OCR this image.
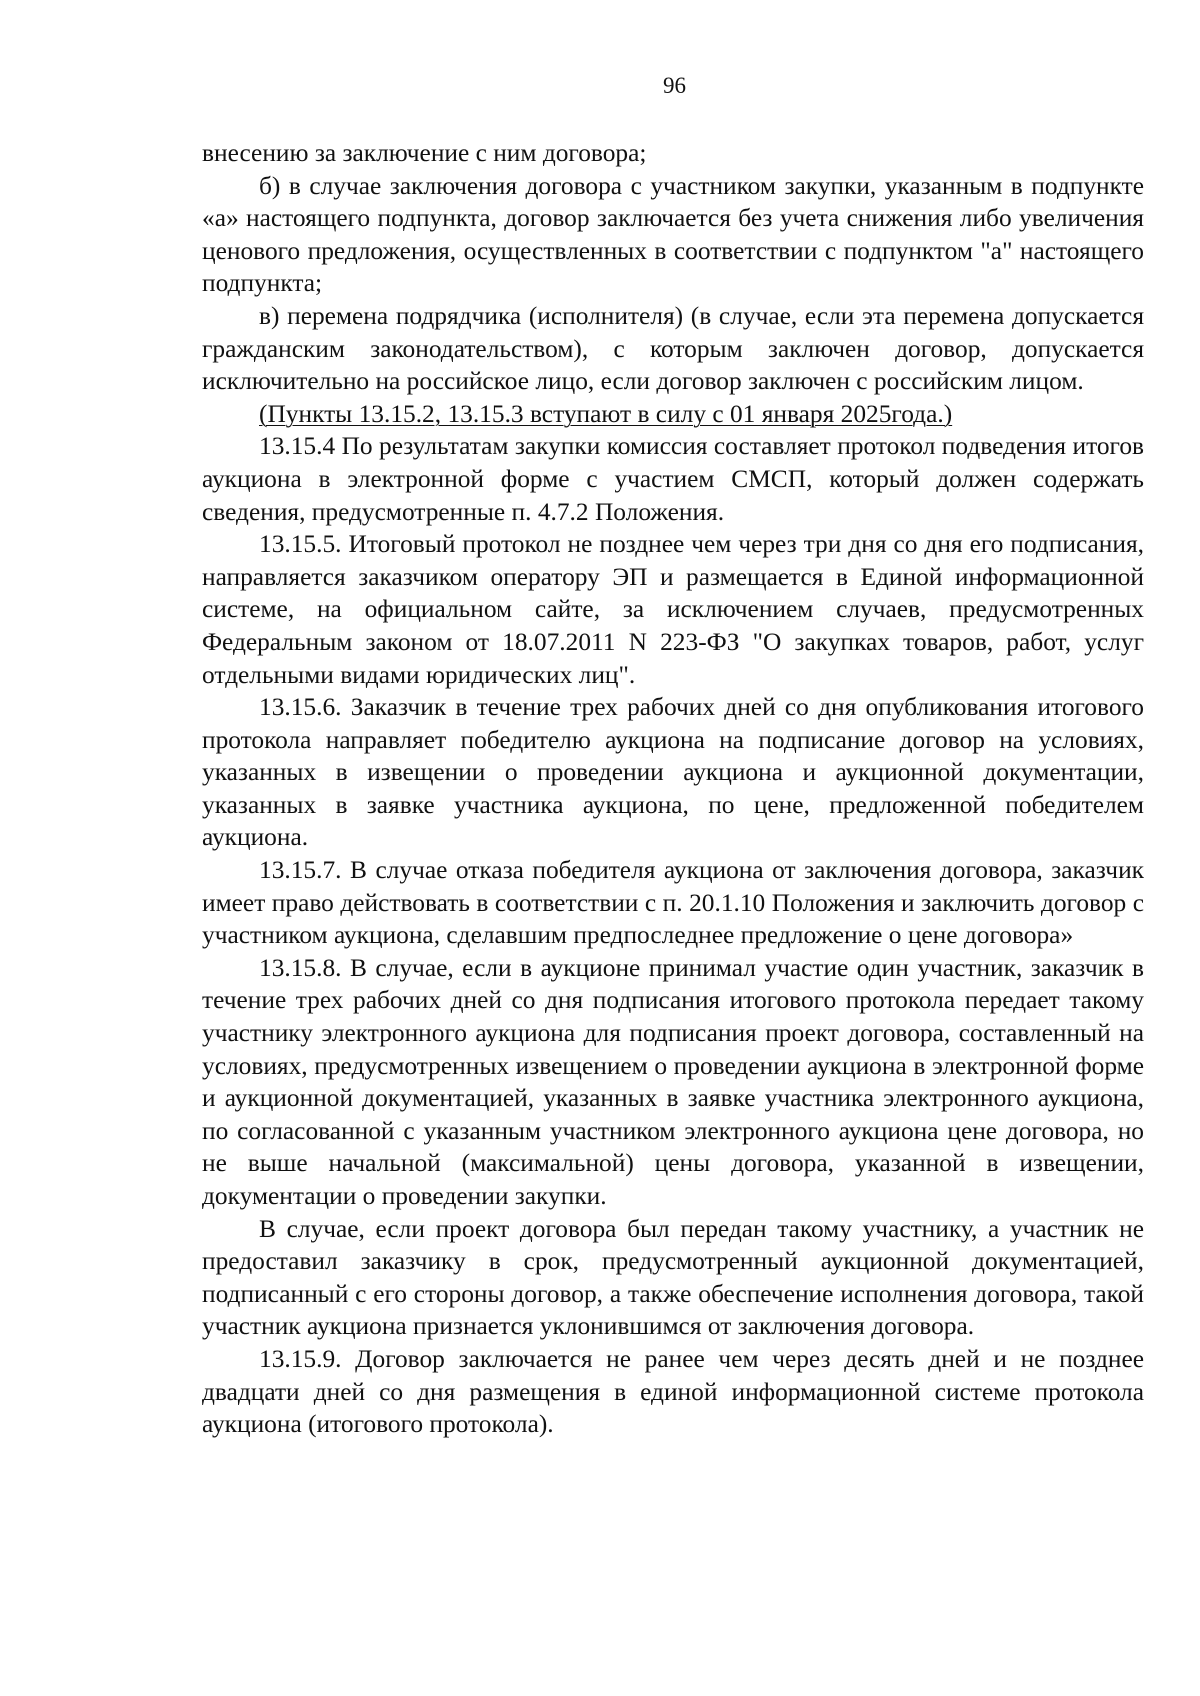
96

внесению за заключение с ним договора;

б) в случае заключения договора с участником закупки, указанным в подпункте «а» настоящего подпункта, договор заключается без учета снижения либо увеличения ценового предложения, осуществленных в соответствии с подпунктом "а" настоящего подпункта;

в) перемена подрядчика (исполнителя) (в случае, если эта перемена допускается гражданским законодательством), с которым заключен договор, допускается исключительно на российское лицо, если договор заключен с российским лицом.

(Пункты 13.15.2, 13.15.3 вступают в силу с 01 января 2025года.)

13.15.4 По результатам закупки комиссия составляет протокол подведения итогов аукциона в электронной форме с участием СМСП, который должен содержать сведения, предусмотренные п. 4.7.2 Положения.

13.15.5. Итоговый протокол не позднее чем через три дня со дня его подписания, направляется заказчиком оператору ЭП и размещается в Единой информационной системе, на официальном сайте, за исключением случаев, предусмотренных Федеральным законом от 18.07.2011 N 223-ФЗ "О закупках товаров, работ, услуг отдельными видами юридических лиц".

13.15.6. Заказчик в течение трех рабочих дней со дня опубликования итогового протокола направляет победителю аукциона на подписание договор на условиях, указанных в извещении о проведении аукциона и аукционной документации, указанных в заявке участника аукциона, по цене, предложенной победителем аукциона.

13.15.7. В случае отказа победителя аукциона от заключения договора, заказчик имеет право действовать в соответствии с п. 20.1.10 Положения и заключить договор с участником аукциона, сделавшим предпоследнее предложение о цене договора»

13.15.8. В случае, если в аукционе принимал участие один участник, заказчик в течение трех рабочих дней со дня подписания итогового протокола передает такому участнику электронного аукциона для подписания проект договора, составленный на условиях, предусмотренных извещением о проведении аукциона в электронной форме и аукционной документацией, указанных в заявке участника электронного аукциона, по согласованной с указанным участником электронного аукциона цене договора, но не выше начальной (максимальной) цены договора, указанной в извещении, документации о проведении закупки.

В случае, если проект договора был передан такому участнику, а участник не предоставил заказчику в срок, предусмотренный аукционной документацией, подписанный с его стороны договор, а также обеспечение исполнения договора, такой участник аукциона признается уклонившимся от заключения договора.

13.15.9. Договор заключается не ранее чем через десять дней и не позднее двадцати дней со дня размещения в единой информационной системе протокола аукциона (итогового протокола).
